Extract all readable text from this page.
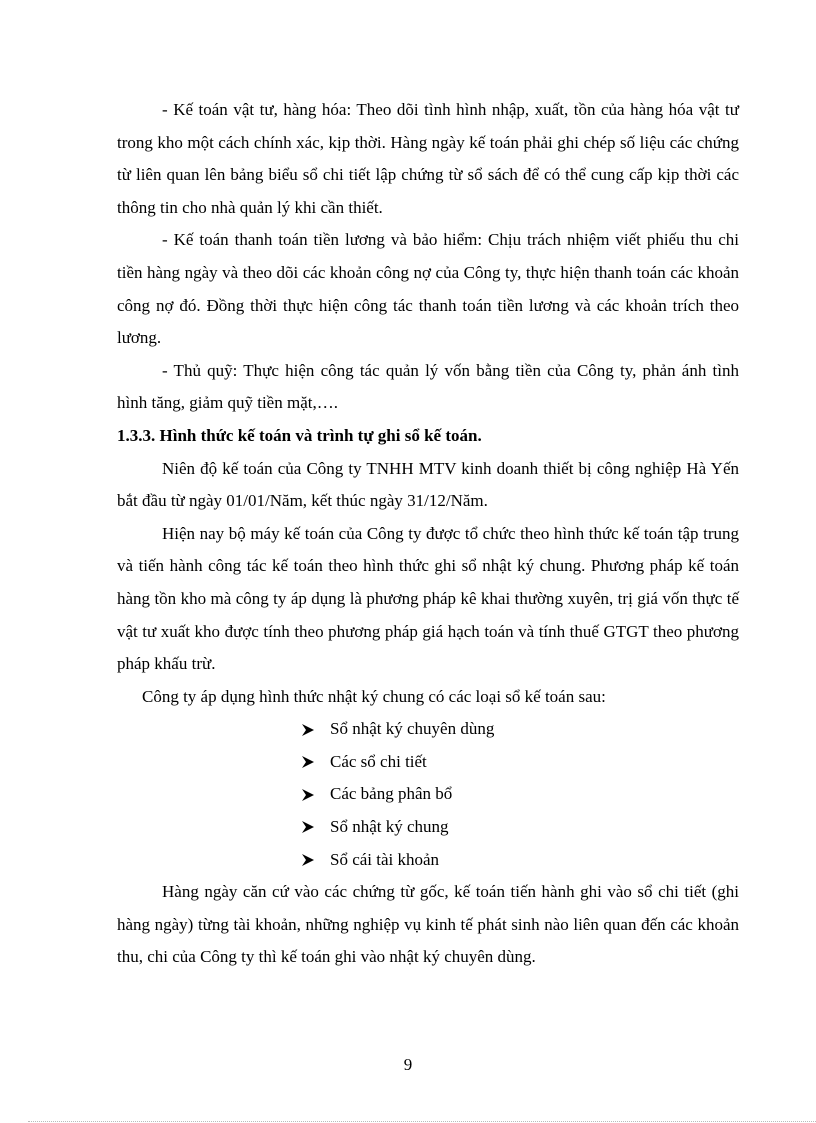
- Kế toán vật tư, hàng hóa: Theo dõi tình hình nhập, xuất, tồn của hàng hóa vật tư trong kho một cách chính xác, kịp thời. Hàng ngày kế toán phải ghi chép số liệu các chứng từ liên quan lên bảng biểu sổ chi tiết lập chứng từ sổ sách để có thể cung cấp kịp thời các thông tin cho nhà quản lý khi cần thiết.

- Kế toán thanh toán tiền lương và bảo hiểm: Chịu trách nhiệm viết phiếu thu chi tiền hàng ngày và theo dõi các khoản công nợ của Công ty, thực hiện thanh toán các khoản công nợ đó. Đồng thời thực hiện công tác thanh toán tiền lương và các khoản trích theo lương.

- Thủ quỹ: Thực hiện công tác quản lý vốn bằng tiền của Công ty, phản ánh tình hình tăng, giảm quỹ tiền mặt,….

1.3.3. Hình thức kế toán và trình tự ghi sổ kế toán.

Niên độ kế toán của Công ty TNHH MTV kinh doanh thiết bị công nghiệp Hà Yến bắt đầu từ ngày 01/01/Năm, kết thúc ngày 31/12/Năm.

Hiện nay bộ máy kế toán của Công ty được tổ chức theo hình thức kế toán tập trung và tiến hành công tác kế toán theo hình thức ghi sổ nhật ký chung. Phương pháp kế toán hàng tồn kho mà công ty áp dụng là phương pháp kê khai thường xuyên, trị giá vốn thực tế vật tư xuất kho được tính theo phương pháp giá hạch toán và tính thuế GTGT theo phương pháp khấu trừ.

Công ty áp dụng hình thức nhật ký chung có các loại sổ kế toán sau:

Sổ nhật ký chuyên dùng
Các sổ chi tiết
Các bảng phân bổ
Sổ nhật ký chung
Sổ cái tài khoản

Hàng ngày căn cứ vào các chứng từ gốc, kế toán tiến hành ghi vào sổ chi tiết (ghi hàng ngày) từng tài khoản, những nghiệp vụ kinh tế phát sinh nào liên quan đến các khoản thu, chi của Công ty thì kế toán ghi vào nhật ký chuyên dùng.

9
